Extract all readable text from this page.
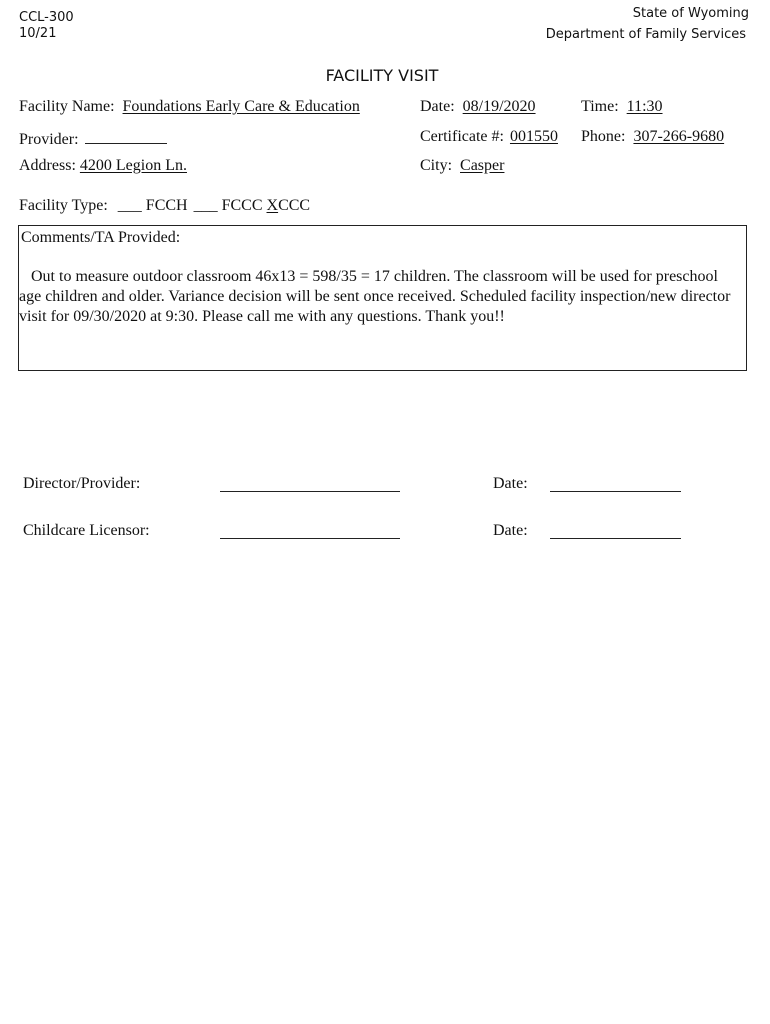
CCL-300
10/21
State of Wyoming
Department of Family Services
FACILITY VISIT
Facility Name: Foundations Early Care & Education	Date: 08/19/2020	Time: 11:30
Provider:	Certificate #: 001550 Phone: 307-266-9680
Address: 4200 Legion Ln.	City: Casper
Facility Type: ___ FCCH ___ FCCC XCCC
Comments/TA Provided:
Out to measure outdoor classroom 46x13 = 598/35 = 17 children. The classroom will be used for preschool age children and older. Variance decision will be sent once received. Scheduled facility inspection/new director visit for 09/30/2020 at 9:30. Please call me with any questions. Thank you!!
Director/Provider:	Date:
Childcare Licensor:	Date:
